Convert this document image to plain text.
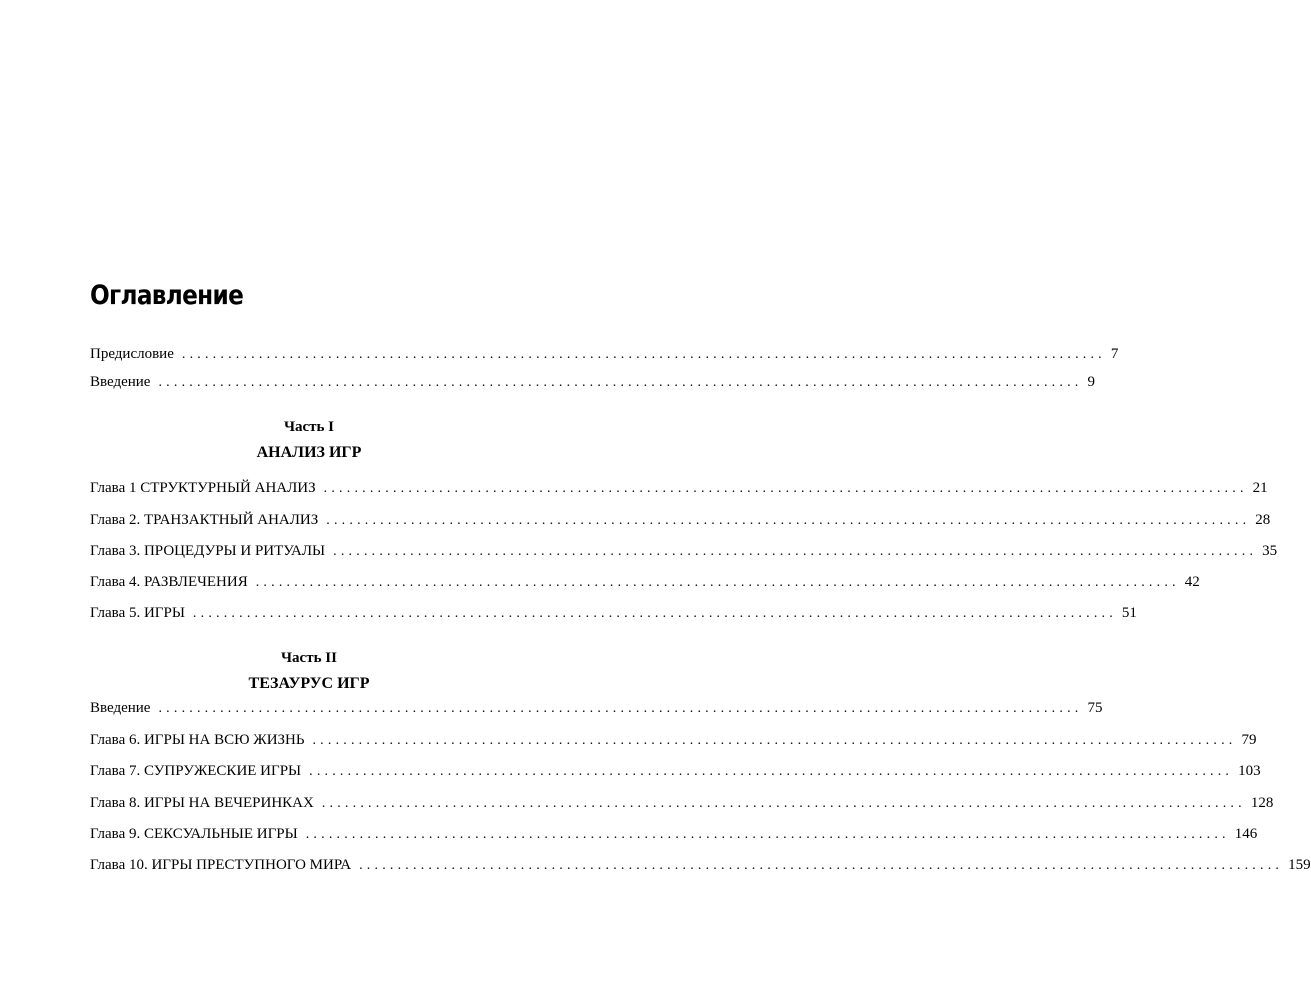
Оглавление
Предисловие ........................................................................................................................ 7
Введение ........................................................................................................................ 9
Часть I
АНАЛИЗ ИГР
Глава 1 СТРУКТУРНЫЙ АНАЛИЗ ........................................................................................................................ 21
Глава 2. ТРАНЗАКТНЫЙ АНАЛИЗ ........................................................................................................................ 28
Глава 3. ПРОЦЕДУРЫ И РИТУАЛЫ ........................................................................................................................ 35
Глава 4. РАЗВЛЕЧЕНИЯ ........................................................................................................................ 42
Глава 5. ИГРЫ ........................................................................................................................ 51
Часть II
ТЕЗАУРУС ИГР
Введение ........................................................................................................................ 75
Глава 6. ИГРЫ НА ВСЮ ЖИЗНЬ ........................................................................................................................ 79
Глава 7. СУПРУЖЕСКИЕ ИГРЫ ........................................................................................................................ 103
Глава 8. ИГРЫ НА ВЕЧЕРИНКАХ ........................................................................................................................ 128
Глава 9. СЕКСУАЛЬНЫЕ ИГРЫ ........................................................................................................................ 146
Глава 10. ИГРЫ ПРЕСТУПНОГО МИРА ........................................................................................................................ 159
